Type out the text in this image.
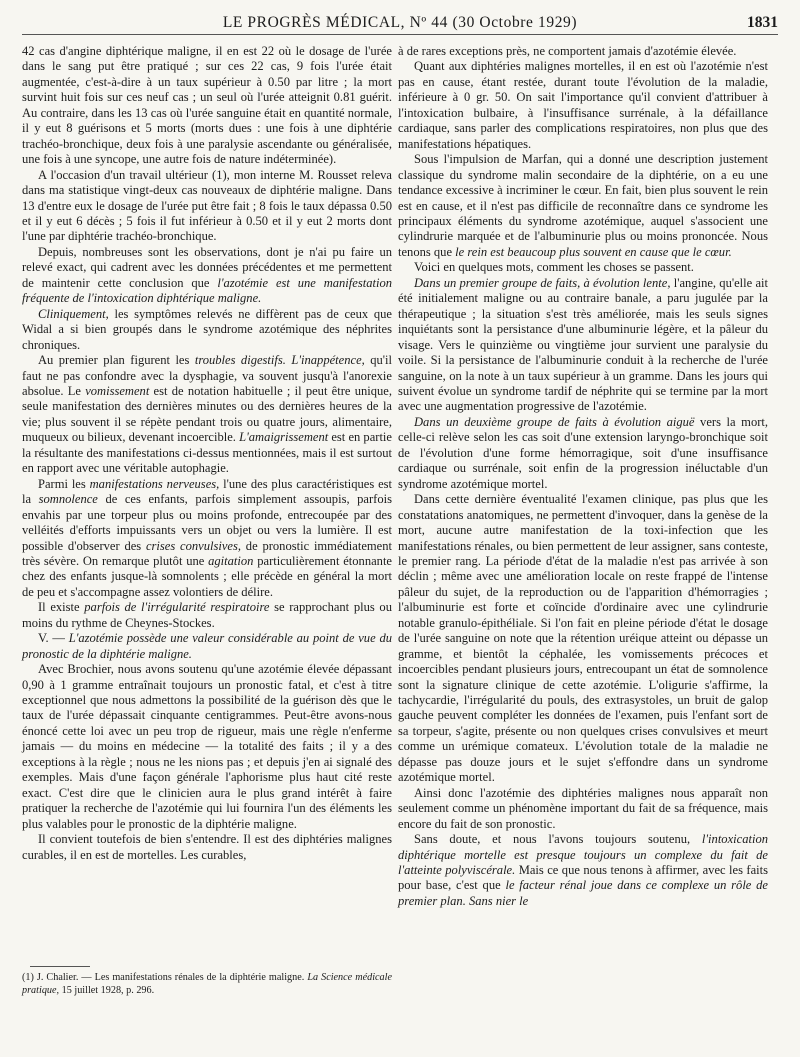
LE PROGRÈS MÉDICAL, Nº 44 (30 Octobre 1929)	1831

42 cas d'angine diphtérique maligne, il en est 22 où le dosage de l'urée dans le sang put être pratiqué ; sur ces 22 cas, 9 fois l'urée était augmentée, c'est-à-dire à un taux supérieur à 0.50 par litre ; la mort survint huit fois sur ces neuf cas ; un seul où l'urée atteignit 0.81 guérit. Au contraire, dans les 13 cas où l'urée sanguine était en quantité normale, il y eut 8 guérisons et 5 morts (morts dues : une fois à une diphtérie trachéo-bronchique, deux fois à une paralysie ascendante ou généralisée, une fois à une syncope, une autre fois de nature indéterminée).

A l'occasion d'un travail ultérieur (1), mon interne M. Rousset releva dans ma statistique vingt-deux cas nouveaux de diphtérie maligne. Dans 13 d'entre eux le dosage de l'urée put être fait ; 8 fois le taux dépassa 0.50 et il y eut 6 décès ; 5 fois il fut inférieur à 0.50 et il y eut 2 morts dont l'une par diphtérie trachéo-bronchique.

Depuis, nombreuses sont les observations, dont je n'ai pu faire un relevé exact, qui cadrent avec les données précédentes et me permettent de maintenir cette conclusion que l'azotémie est une manifestation fréquente de l'intoxication diphtérique maligne.

Cliniquement, les symptômes relevés ne diffèrent pas de ceux que Widal a si bien groupés dans le syndrome azotémique des néphrites chroniques.

Au premier plan figurent les troubles digestifs. L'inappétence, qu'il faut ne pas confondre avec la dysphagie, va souvent jusqu'à l'anorexie absolue. Le vomissement est de notation habituelle ; il peut être unique, seule manifestation des dernières minutes ou des dernières heures de la vie; plus souvent il se répète pendant trois ou quatre jours, alimentaire, muqueux ou bilieux, devenant incoercible. L'amaigrissement est en partie la résultante des manifestations ci-dessus mentionnées, mais il est surtout en rapport avec une véritable autophagie.

Parmi les manifestations nerveuses, l'une des plus caractéristiques est la somnolence de ces enfants, parfois simplement assoupis, parfois envahis par une torpeur plus ou moins profonde, entrecoupée par des velléités d'efforts impuissants vers un objet ou vers la lumière. Il est possible d'observer des crises convulsives, de pronostic immédiatement très sévère. On remarque plutôt une agitation particulièrement étonnante chez des enfants jusque-là somnolents ; elle précède en général la mort de peu et s'accompagne assez volontiers de délire.

Il existe parfois de l'irrégularité respiratoire se rapprochant plus ou moins du rythme de Cheynes-Stockes.

V. — L'azotémie possède une valeur considérable au point de vue du pronostic de la diphtérie maligne.

Avec Brochier, nous avons soutenu qu'une azotémie élevée dépassant 0,90 à 1 gramme entraînait toujours un pronostic fatal, et c'est à titre exceptionnel que nous admettons la possibilité de la guérison dès que le taux de l'urée dépassait cinquante centigrammes. Peut-être avons-nous énoncé cette loi avec un peu trop de rigueur, mais une règle n'enferme jamais — du moins en médecine — la totalité des faits ; il y a des exceptions à la règle ; nous ne les nions pas ; et depuis j'en ai signalé des exemples. Mais d'une façon générale l'aphorisme plus haut cité reste exact. C'est dire que le clinicien aura le plus grand intérêt à faire pratiquer la recherche de l'azotémie qui lui fournira l'un des éléments les plus valables pour le pronostic de la diphtérie maligne.

Il convient toutefois de bien s'entendre. Il est des diphtéries malignes curables, il en est de mortelles. Les curables,

(1) J. Chalier. — Les manifestations rénales de la diphtérie maligne. La Science médicale pratique, 15 juillet 1928, p. 296.

à de rares exceptions près, ne comportent jamais d'azotémie élevée.

Quant aux diphtéries malignes mortelles, il en est où l'azotémie n'est pas en cause, étant restée, durant toute l'évolution de la maladie, inférieure à 0 gr. 50. On sait l'importance qu'il convient d'attribuer à l'intoxication bulbaire, à l'insuffisance surrénale, à la défaillance cardiaque, sans parler des complications respiratoires, non plus que des manifestations hépatiques.

Sous l'impulsion de Marfan, qui a donné une description justement classique du syndrome malin secondaire de la diphtérie, on a eu une tendance excessive à incriminer le cœur. En fait, bien plus souvent le rein est en cause, et il n'est pas difficile de reconnaître dans ce syndrome les principaux éléments du syndrome azotémique, auquel s'associent une cylindrurie marquée et de l'albuminurie plus ou moins prononcée. Nous tenons que le rein est beaucoup plus souvent en cause que le cœur.

Voici en quelques mots, comment les choses se passent.

Dans un premier groupe de faits, à évolution lente, l'angine, qu'elle ait été initialement maligne ou au contraire banale, a paru jugulée par la thérapeutique ; la situation s'est très améliorée, mais les seuls signes inquiétants sont la persistance d'une albuminurie légère, et la pâleur du visage. Vers le quinzième ou vingtième jour survient une paralysie du voile. Si la persistance de l'albuminurie conduit à la recherche de l'urée sanguine, on la note à un taux supérieur à un gramme. Dans les jours qui suivent évolue un syndrome tardif de néphrite qui se termine par la mort avec une augmentation progressive de l'azotémie.

Dans un deuxième groupe de faits à évolution aiguë vers la mort, celle-ci relève selon les cas soit d'une extension laryngo-bronchique soit de l'évolution d'une forme hémorragique, soit d'une insuffisance cardiaque ou surrénale, soit enfin de la progression inéluctable d'un syndrome azotémique mortel.

Dans cette dernière éventualité l'examen clinique, pas plus que les constatations anatomiques, ne permettent d'invoquer, dans la genèse de la mort, aucune autre manifestation de la toxi-infection que les manifestations rénales, ou bien permettent de leur assigner, sans conteste, le premier rang. La période d'état de la maladie n'est pas arrivée à son déclin ; même avec une amélioration locale on reste frappé de l'intense pâleur du sujet, de la reproduction ou de l'apparition d'hémorragies ; l'albuminurie est forte et coïncide d'ordinaire avec une cylindrurie notable granulo-épithéliale. Si l'on fait en pleine période d'état le dosage de l'urée sanguine on note que la rétention uréique atteint ou dépasse un gramme, et bientôt la céphalée, les vomissements précoces et incoercibles pendant plusieurs jours, entrecoupant un état de somnolence sont la signature clinique de cette azotémie. L'oligurie s'affirme, la tachycardie, l'irrégularité du pouls, des extrasystoles, un bruit de galop gauche peuvent compléter les données de l'examen, puis l'enfant sort de sa torpeur, s'agite, présente ou non quelques crises convulsives et meurt comme un urémique comateux. L'évolution totale de la maladie ne dépasse pas douze jours et le sujet s'effondre dans un syndrome azotémique mortel.

Ainsi donc l'azotémie des diphtéries malignes nous apparaît non seulement comme un phénomène important du fait de sa fréquence, mais encore du fait de son pronostic.

Sans doute, et nous l'avons toujours soutenu, l'intoxication diphtérique mortelle est presque toujours un complexe du fait de l'atteinte polyviscérale. Mais ce que nous tenons à affirmer, avec les faits pour base, c'est que le facteur rénal joue dans ce complexe un rôle de premier plan. Sans nier le
